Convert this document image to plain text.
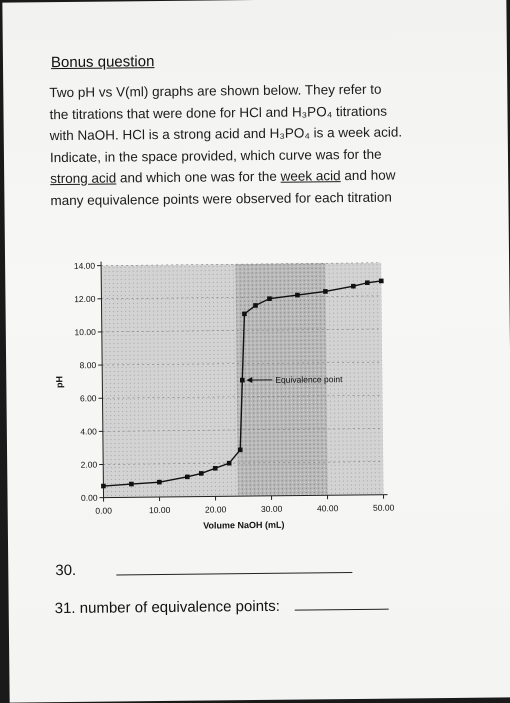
Bonus question
Two pH vs V(ml) graphs are shown below. They refer to
the titrations that were done for HCl and H₃PO₄ titrations
with NaOH. HCl is a strong acid and H₃PO₄ is a week acid.
Indicate, in the space provided, which curve was for the
strong acid and which one was for the week acid and how
many equivalence points were observed for each titration
0.00
2.00
4.00
6.00
8.00
10.00
12.00
14.00
0.00	10.00	20.00	30.00	40.00	50.00
Volume NaOH (mL)
pH	Equivalence point
30.
31. number of equivalence points:
